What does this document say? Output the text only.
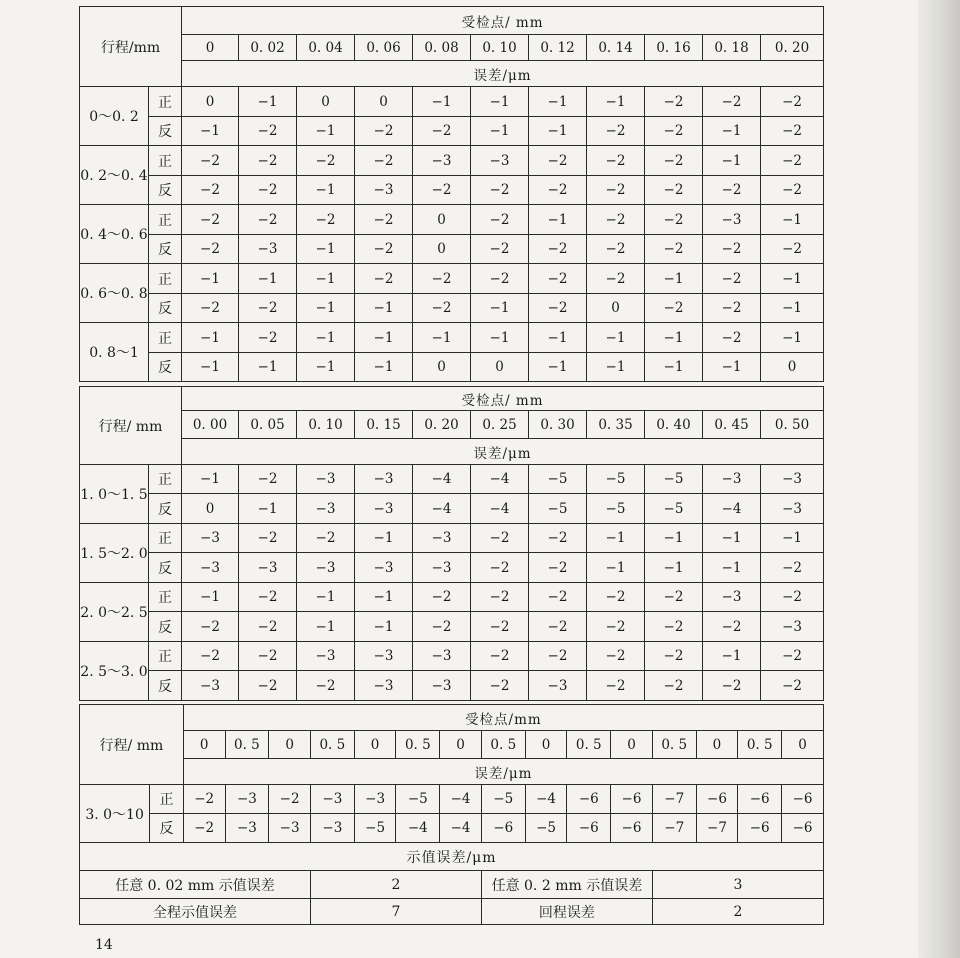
行程/mm		受检点/ mm										
		0	0. 02	0. 04	0. 06	0. 08	0. 10	0. 12	0. 14	0. 16	0. 18	0. 20
		误差/μm										
0～0. 2	正	0	−1	0	0	−1	−1	−1	−1	−2	−2	−2
	反	−1	−2	−1	−2	−2	−1	−1	−2	−2	−1	−2
0. 2～0. 4	正	−2	−2	−2	−2	−3	−3	−2	−2	−2	−1	−2
	反	−2	−2	−1	−3	−2	−2	−2	−2	−2	−2	−2
0. 4～0. 6	正	−2	−2	−2	−2	0	−2	−1	−2	−2	−3	−1
	反	−2	−3	−1	−2	0	−2	−2	−2	−2	−2	−2
0. 6～0. 8	正	−1	−1	−1	−2	−2	−2	−2	−2	−1	−2	−1
	反	−2	−2	−1	−1	−2	−1	−2	0	−2	−2	−1
0. 8～1	正	−1	−2	−1	−1	−1	−1	−1	−1	−1	−2	−1
	反	−1	−1	−1	−1	0	0	−1	−1	−1	−1	0
行程/ mm		受检点/ mm										
		0. 00	0. 05	0. 10	0. 15	0. 20	0. 25	0. 30	0. 35	0. 40	0. 45	0. 50
		误差/μm										
1. 0～1. 5	正	−1	−2	−3	−3	−4	−4	−5	−5	−5	−3	−3
	反	0	−1	−3	−3	−4	−4	−5	−5	−5	−4	−3
1. 5～2. 0	正	−3	−2	−2	−1	−3	−2	−2	−1	−1	−1	−1
	反	−3	−3	−3	−3	−3	−2	−2	−1	−1	−1	−2
2. 0～2. 5	正	−1	−2	−1	−1	−2	−2	−2	−2	−2	−3	−2
	反	−2	−2	−1	−1	−2	−2	−2	−2	−2	−2	−3
2. 5～3. 0	正	−2	−2	−3	−3	−3	−2	−2	−2	−2	−1	−2
	反	−3	−2	−2	−3	−3	−2	−3	−2	−2	−2	−2
行程/ mm		受检点/mm														
		0	0. 5	0	0. 5	0	0. 5	0	0. 5	0	0. 5	0	0. 5	0	0. 5	0
		误差/μm														
3. 0～10	正	−2	−3	−2	−3	−3	−5	−4	−5	−4	−6	−6	−7	−6	−6	−6
	反	−2	−3	−3	−3	−5	−4	−4	−6	−5	−6	−6	−7	−7	−6	−6
示值误差/μm																
任意 0. 02 mm 示值误差					2				任意 0. 2 mm 示值误差				3			
全程示值误差					7				回程误差				2			
14
